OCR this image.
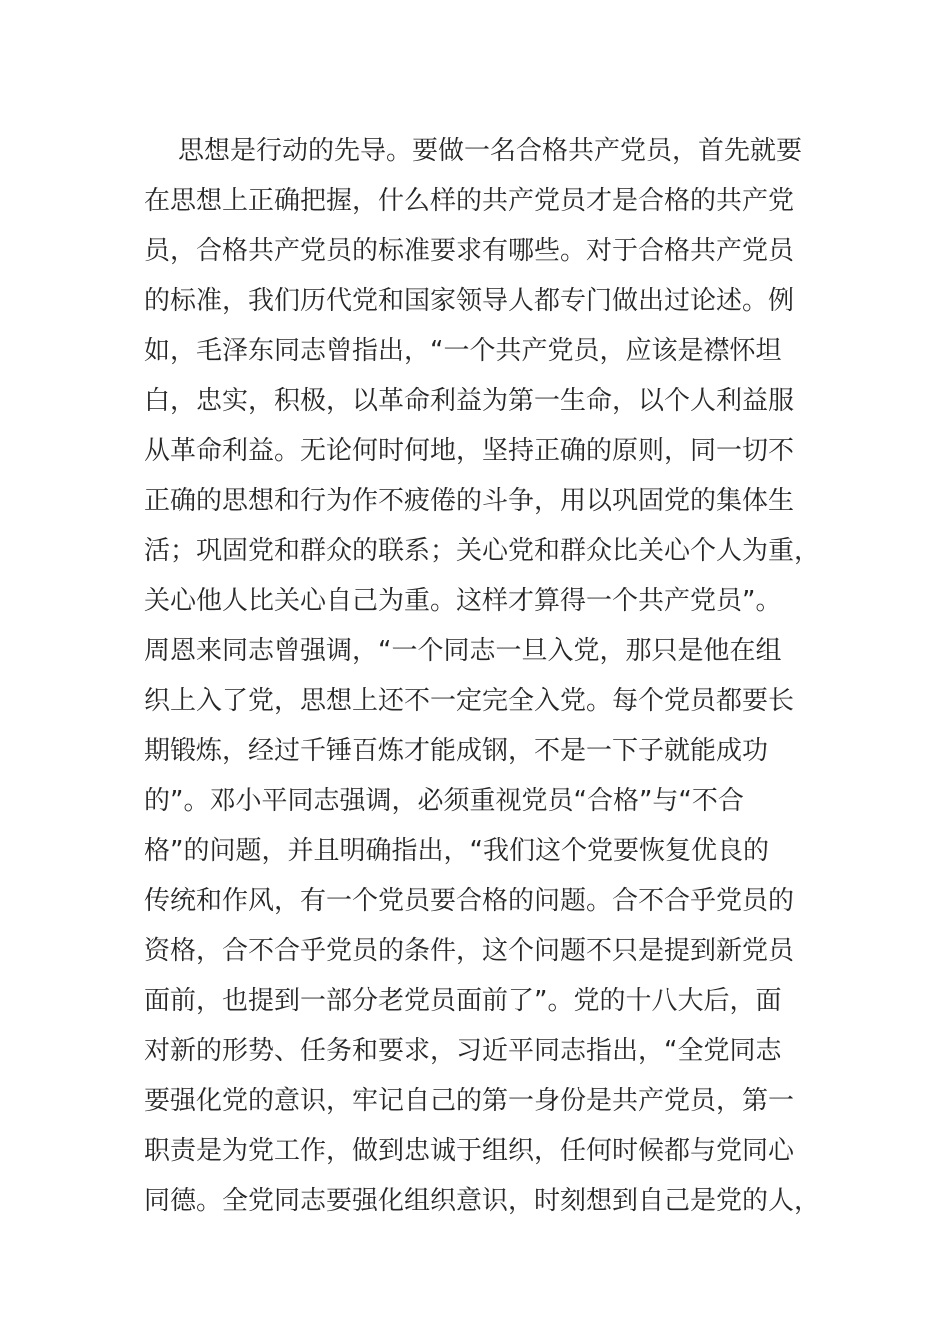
思想是行动的先导。要做一名合格共产党员，首先就要
在思想上正确把握，什么样的共产党员才是合格的共产党
员，合格共产党员的标准要求有哪些。对于合格共产党员
的标准，我们历代党和国家领导人都专门做出过论述。例
如，毛泽东同志曾指出，“一个共产党员，应该是襟怀坦
白，忠实，积极，以革命利益为第一生命，以个人利益服
从革命利益。无论何时何地，坚持正确的原则，同一切不
正确的思想和行为作不疲倦的斗争，用以巩固党的集体生
活；巩固党和群众的联系；关心党和群众比关心个人为重，
关心他人比关心自己为重。这样才算得一个共产党员”。
周恩来同志曾强调，“一个同志一旦入党，那只是他在组
织上入了党，思想上还不一定完全入党。每个党员都要长
期锻炼，经过千锤百炼才能成钢，不是一下子就能成功
的”。邓小平同志强调，必须重视党员“合格”与“不合
格”的问题，并且明确指出，“我们这个党要恢复优良的
传统和作风，有一个党员要合格的问题。合不合乎党员的
资格，合不合乎党员的条件，这个问题不只是提到新党员
面前，也提到一部分老党员面前了”。党的十八大后，面
对新的形势、任务和要求，习近平同志指出，“全党同志
要强化党的意识，牢记自己的第一身份是共产党员，第一
职责是为党工作，做到忠诚于组织，任何时候都与党同心
同德。全党同志要强化组织意识，时刻想到自己是党的人，
